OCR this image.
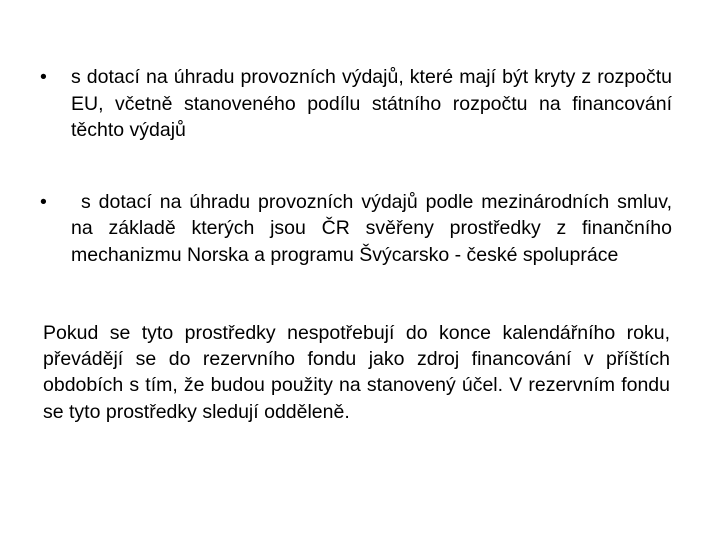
• s dotací na úhradu provozních výdajů, které mají být kryty z rozpočtu EU, včetně stanoveného podílu státního rozpočtu na financování těchto výdajů
•	s dotací na úhradu provozních výdajů podle mezinárodních smluv, na základě kterých jsou ČR svěřeny prostředky z finančního mechanizmu Norska a programu Švýcarsko - české spolupráce

Pokud se tyto prostředky nespotřebují do konce kalendářního roku, převádějí se do rezervního fondu jako zdroj financování v příštích obdobích s tím, že budou použity na stanovený účel. V rezervním fondu se tyto prostředky sledují odděleně.
